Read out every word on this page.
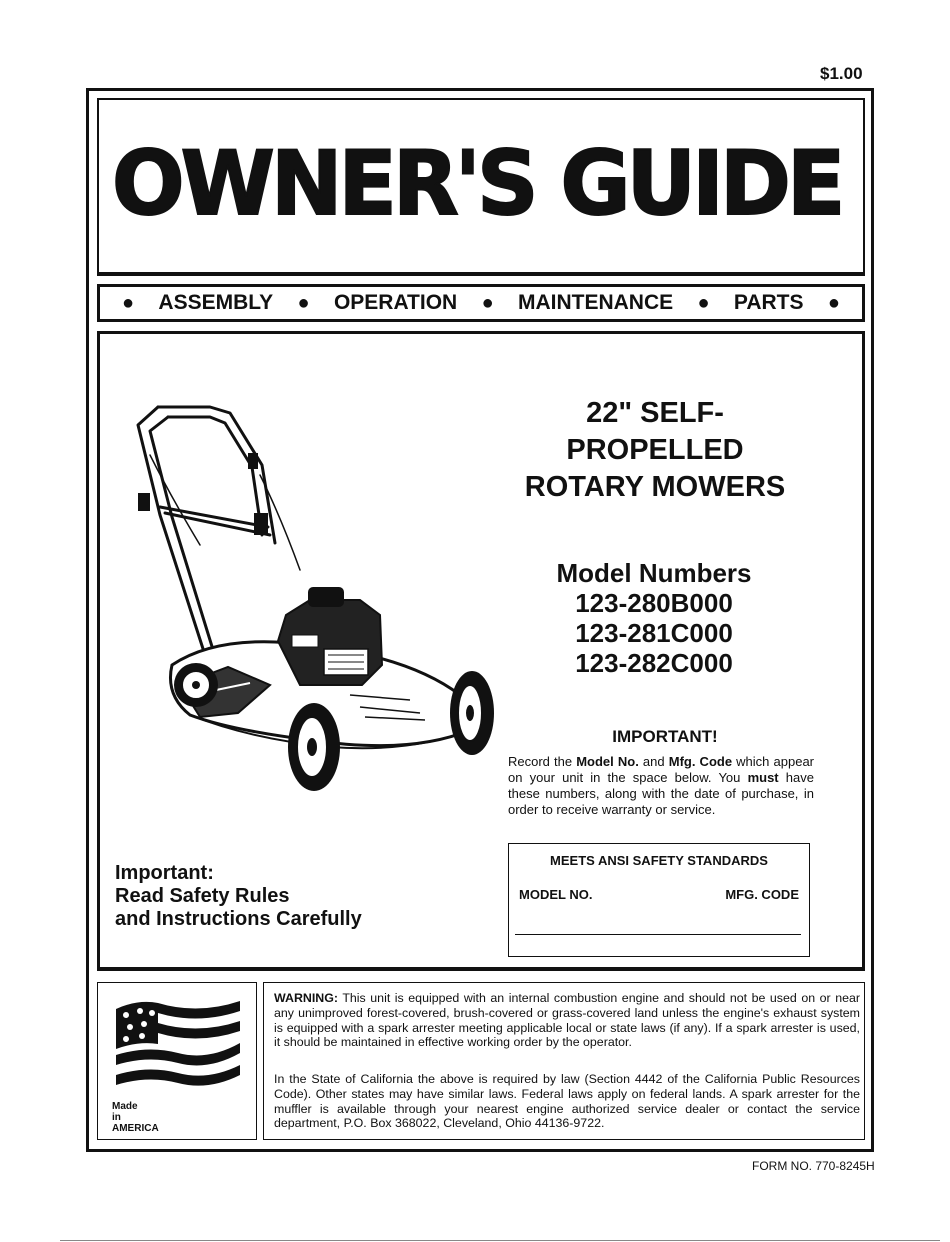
$1.00
OWNER'S GUIDE
● ASSEMBLY ● OPERATION ● MAINTENANCE ● PARTS ●
22" SELF-
PROPELLED
ROTARY MOWERS
Model Numbers
123-280B000
123-281C000
123-282C000
IMPORTANT!
Record the Model No. and Mfg. Code which appear on your unit in the space below. You must have these numbers, along with the date of purchase, in order to receive warranty or service.
MEETS ANSI SAFETY STANDARDS
MODEL NO.	MFG. CODE
Important:
Read Safety Rules
and Instructions Carefully
Made
in
AMERICA
WARNING: This unit is equipped with an internal combustion engine and should not be used on or near any unimproved forest-covered, brush-covered or grass-covered land unless the engine's exhaust system is equipped with a spark arrester meeting applicable local or state laws (if any). If a spark arrester is used, it should be maintained in effective working order by the operator.
In the State of California the above is required by law (Section 4442 of the California Public Resources Code). Other states may have similar laws. Federal laws apply on federal lands. A spark arrester for the muffler is available through your nearest engine authorized service dealer or contact the service department, P.O. Box 368022, Cleveland, Ohio 44136-9722.
FORM NO. 770-8245H
